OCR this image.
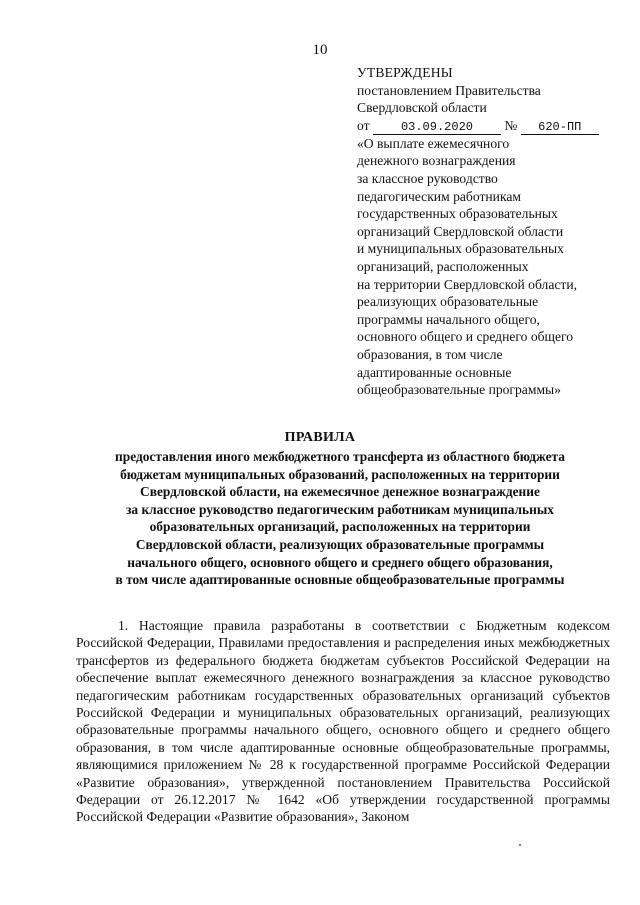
10
УТВЕРЖДЕНЫ
постановлением Правительства
Свердловской области
от	03.09.2020 № 620-ПП
«О выплате ежемесячного
денежного вознаграждения
за классное руководство
педагогическим работникам
государственных образовательных
организаций Свердловской области
и муниципальных образовательных
организаций, расположенных
на территории Свердловской области,
реализующих образовательные
программы начального общего,
основного общего и среднего общего
образования, в том числе
адаптированные основные
общеобразовательные программы»
ПРАВИЛА
предоставления иного межбюджетного трансферта из областного бюджета
бюджетам муниципальных образований, расположенных на территории
Свердловской области, на ежемесячное денежное вознаграждение
за классное руководство педагогическим работникам муниципальных
образовательных организаций, расположенных на территории
Свердловской области, реализующих образовательные программы
начального общего, основного общего и среднего общего образования,
в том числе адаптированные основные общеобразовательные программы
1. Настоящие правила разработаны в соответствии с Бюджетным кодексом Российской Федерации, Правилами предоставления и распределения иных межбюджетных трансфертов из федерального бюджета бюджетам субъектов Российской Федерации на обеспечение выплат ежемесячного денежного вознаграждения за классное руководство педагогическим работникам государственных образовательных организаций субъектов Российской Федерации и муниципальных образовательных организаций, реализующих образовательные программы начального общего, основного общего и среднего общего образования, в том числе адаптированные основные общеобразовательные программы, являющимися приложением № 28 к государственной программе Российской Федерации «Развитие образования», утвержденной постановлением Правительства Российской Федерации от 26.12.2017 № 1642 «Об утверждении государственной программы Российской Федерации «Развитие образования», Законом
